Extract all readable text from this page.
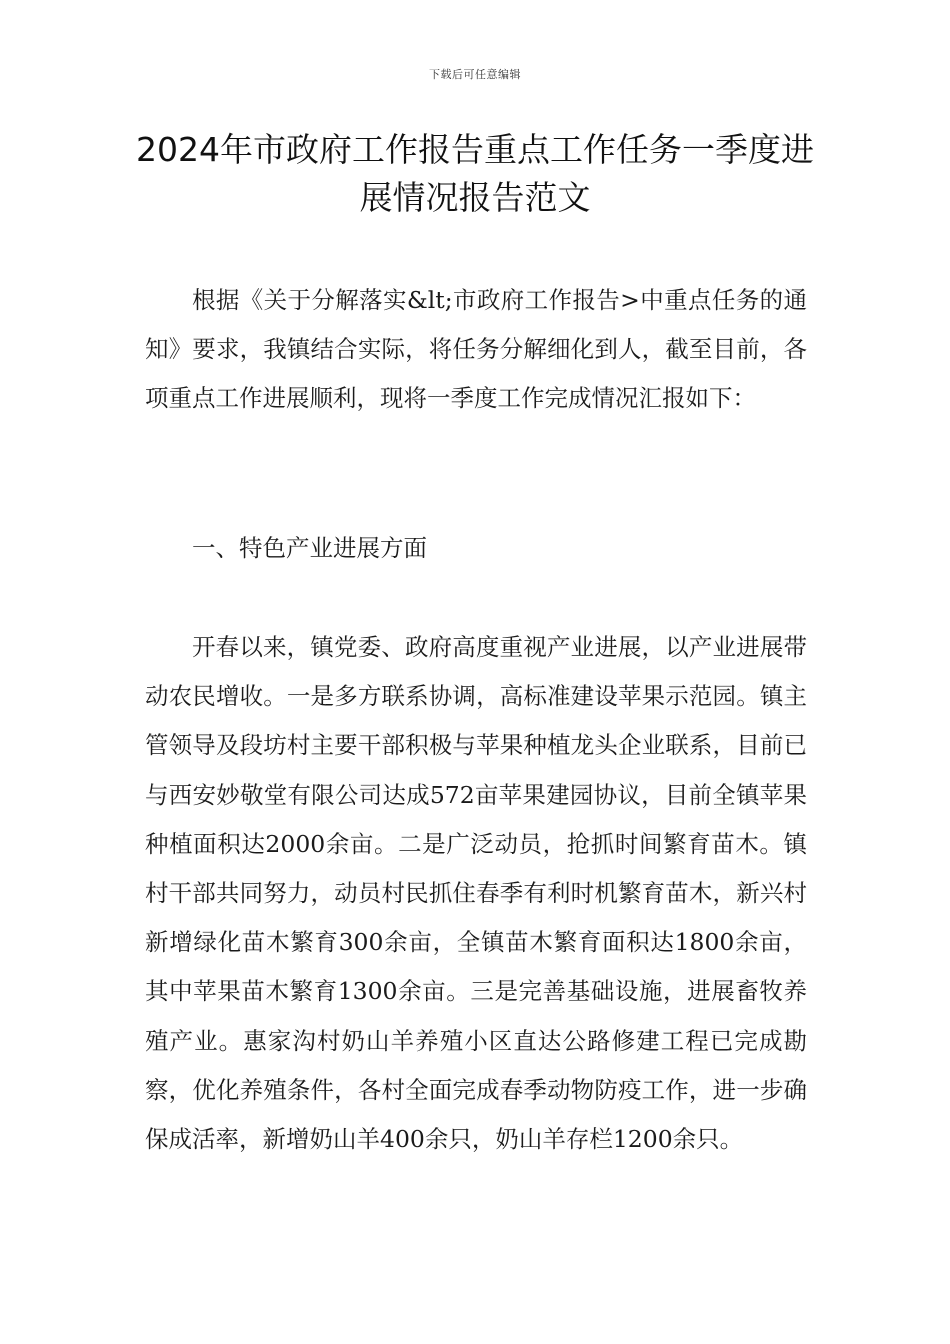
下载后可任意编辑
2024年市政府工作报告重点工作任务一季度进展情况报告范文

根据《关于分解落实&lt;市政府工作报告>中重点任务的通知》要求，我镇结合实际，将任务分解细化到人，截至目前，各项重点工作进展顺利，现将一季度工作完成情况汇报如下：

一、特色产业进展方面

开春以来，镇党委、政府高度重视产业进展，以产业进展带动农民增收。一是多方联系协调，高标准建设苹果示范园。镇主管领导及段坊村主要干部积极与苹果种植龙头企业联系，目前已与西安妙敬堂有限公司达成572亩苹果建园协议，目前全镇苹果种植面积达2000余亩。二是广泛动员，抢抓时间繁育苗木。镇村干部共同努力，动员村民抓住春季有利时机繁育苗木，新兴村新增绿化苗木繁育300余亩，全镇苗木繁育面积达1800余亩，其中苹果苗木繁育1300余亩。三是完善基础设施，进展畜牧养殖产业。惠家沟村奶山羊养殖小区直达公路修建工程已完成勘察，优化养殖条件，各村全面完成春季动物防疫工作，进一步确保成活率，新增奶山羊400余只，奶山羊存栏1200余只。
